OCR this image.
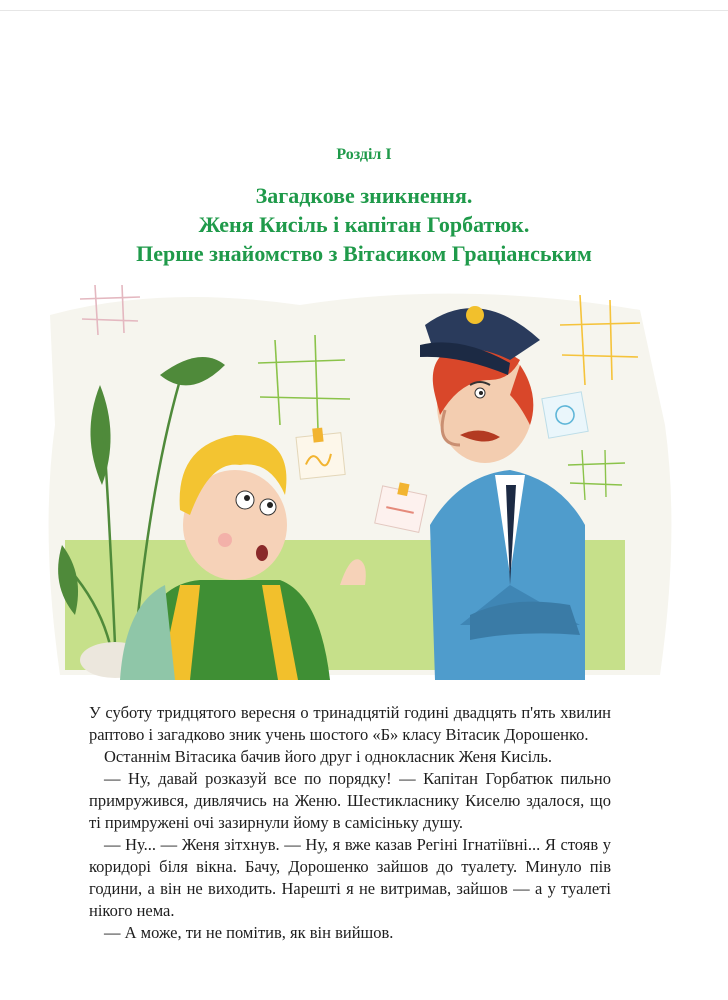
Розділ І
Загадкове зникнення.
Женя Кисіль і капітан Горбатюк.
Перше знайомство з Вітасиком Граціанським

У суботу тридцятого вересня о тринадцятій годині двадцять п'ять хвилин раптово і загадково зник учень шостого «Б» класу Вітасик Дорошенко.

Останнім Вітасика бачив його друг і однокласник Женя Кисіль.

— Ну, давай розказуй все по порядку! — Капітан Горбатюк пильно примружився, дивлячись на Женю. Шестикласнику Киселю здалося, що ті примружені очі зазирнули йому в самісіньку душу.

— Ну... — Женя зітхнув. — Ну, я вже казав Регіні Ігнатіївні... Я стояв у коридорі біля вікна. Бачу, Дорошенко зайшов до туалету. Минуло пів години, а він не виходить. Нарешті я не витримав, зайшов — а у туалеті нікого нема.

— А може, ти не помітив, як він вийшов.
